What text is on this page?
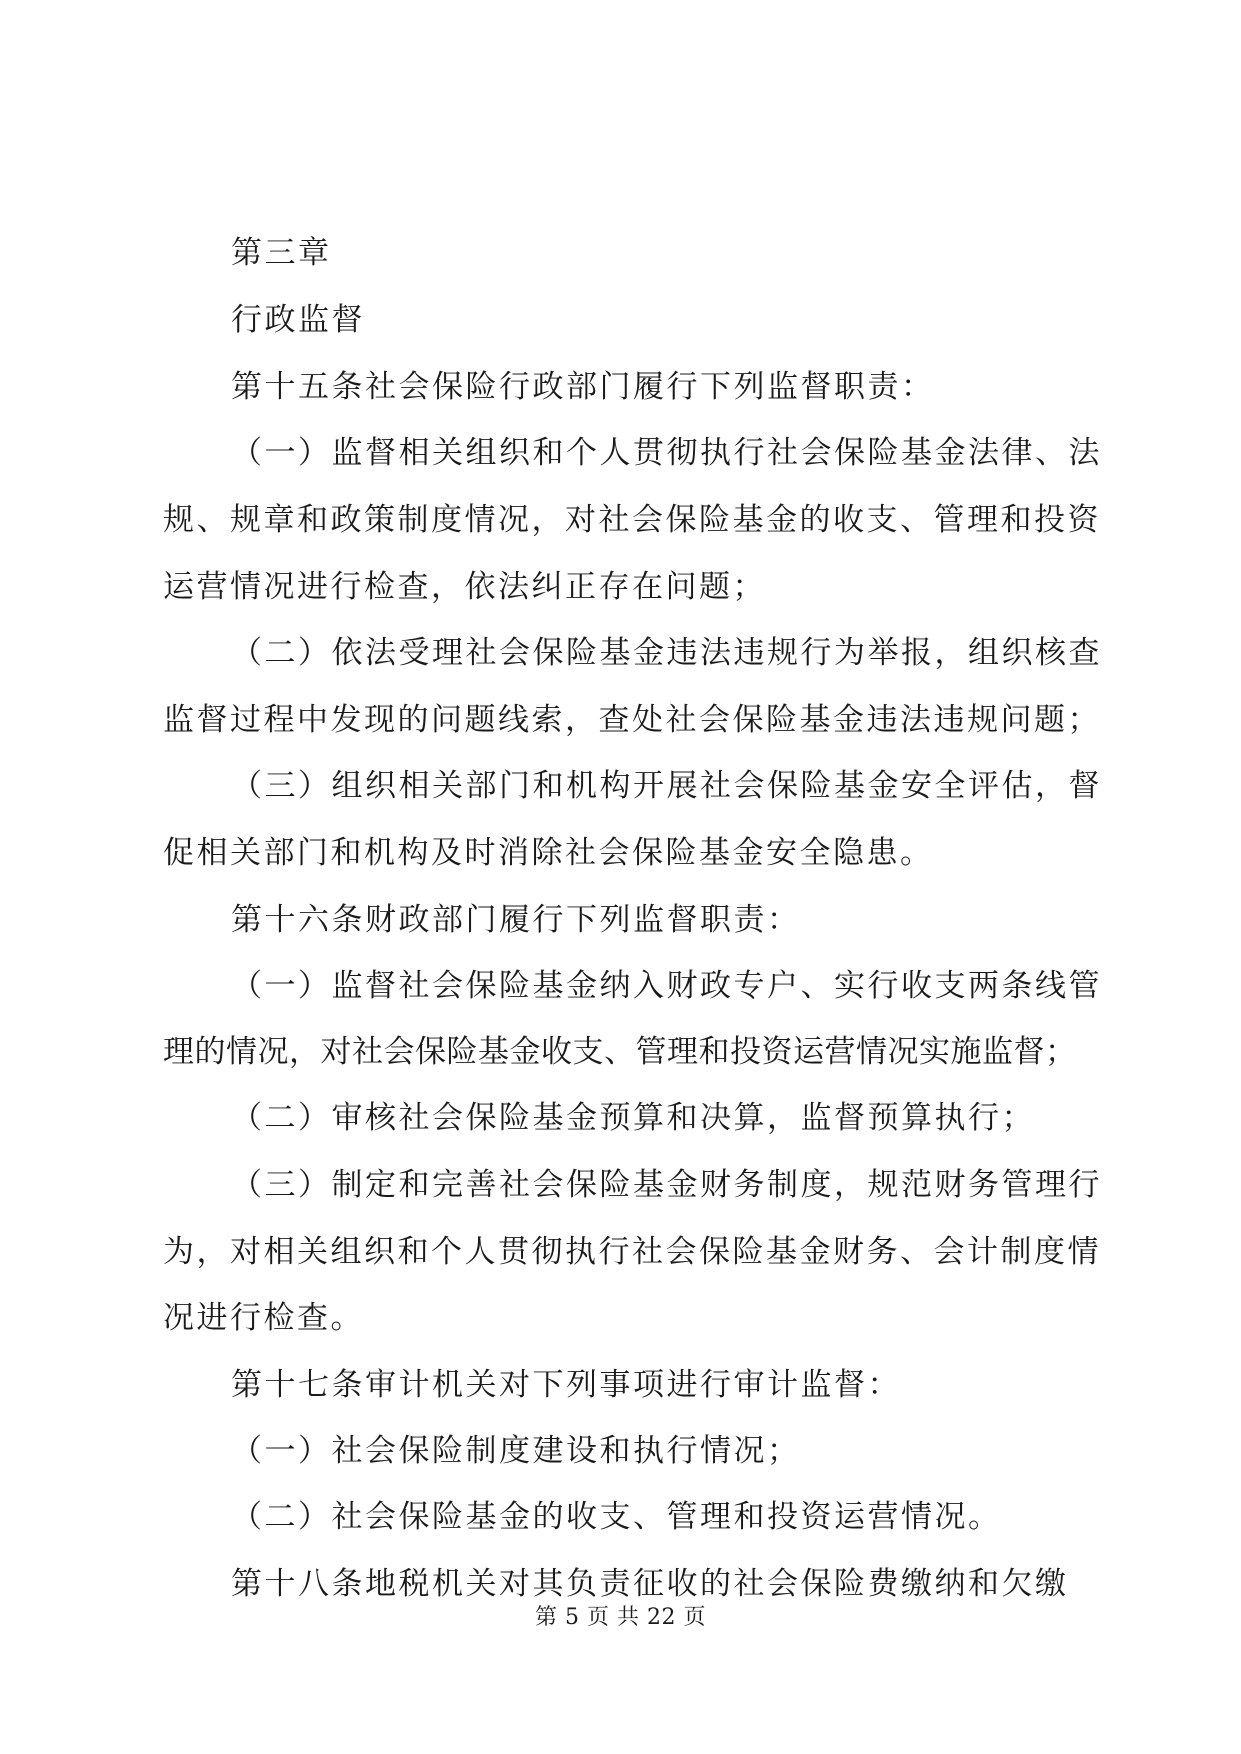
第三章
行政监督
第十五条社会保险行政部门履行下列监督职责：
（一）监督相关组织和个人贯彻执行社会保险基金法律、法
规、规章和政策制度情况，对社会保险基金的收支、管理和投资
运营情况进行检查，依法纠正存在问题；
（二）依法受理社会保险基金违法违规行为举报，组织核查
监督过程中发现的问题线索，查处社会保险基金违法违规问题；
（三）组织相关部门和机构开展社会保险基金安全评估，督
促相关部门和机构及时消除社会保险基金安全隐患。
第十六条财政部门履行下列监督职责：
（一）监督社会保险基金纳入财政专户、实行收支两条线管
理的情况，对社会保险基金收支、管理和投资运营情况实施监督；
（二）审核社会保险基金预算和决算，监督预算执行；
（三）制定和完善社会保险基金财务制度，规范财务管理行
为，对相关组织和个人贯彻执行社会保险基金财务、会计制度情
况进行检查。
第十七条审计机关对下列事项进行审计监督：
（一）社会保险制度建设和执行情况；
（二）社会保险基金的收支、管理和投资运营情况。
第十八条地税机关对其负责征收的社会保险费缴纳和欠缴
第 5 页 共 22 页
